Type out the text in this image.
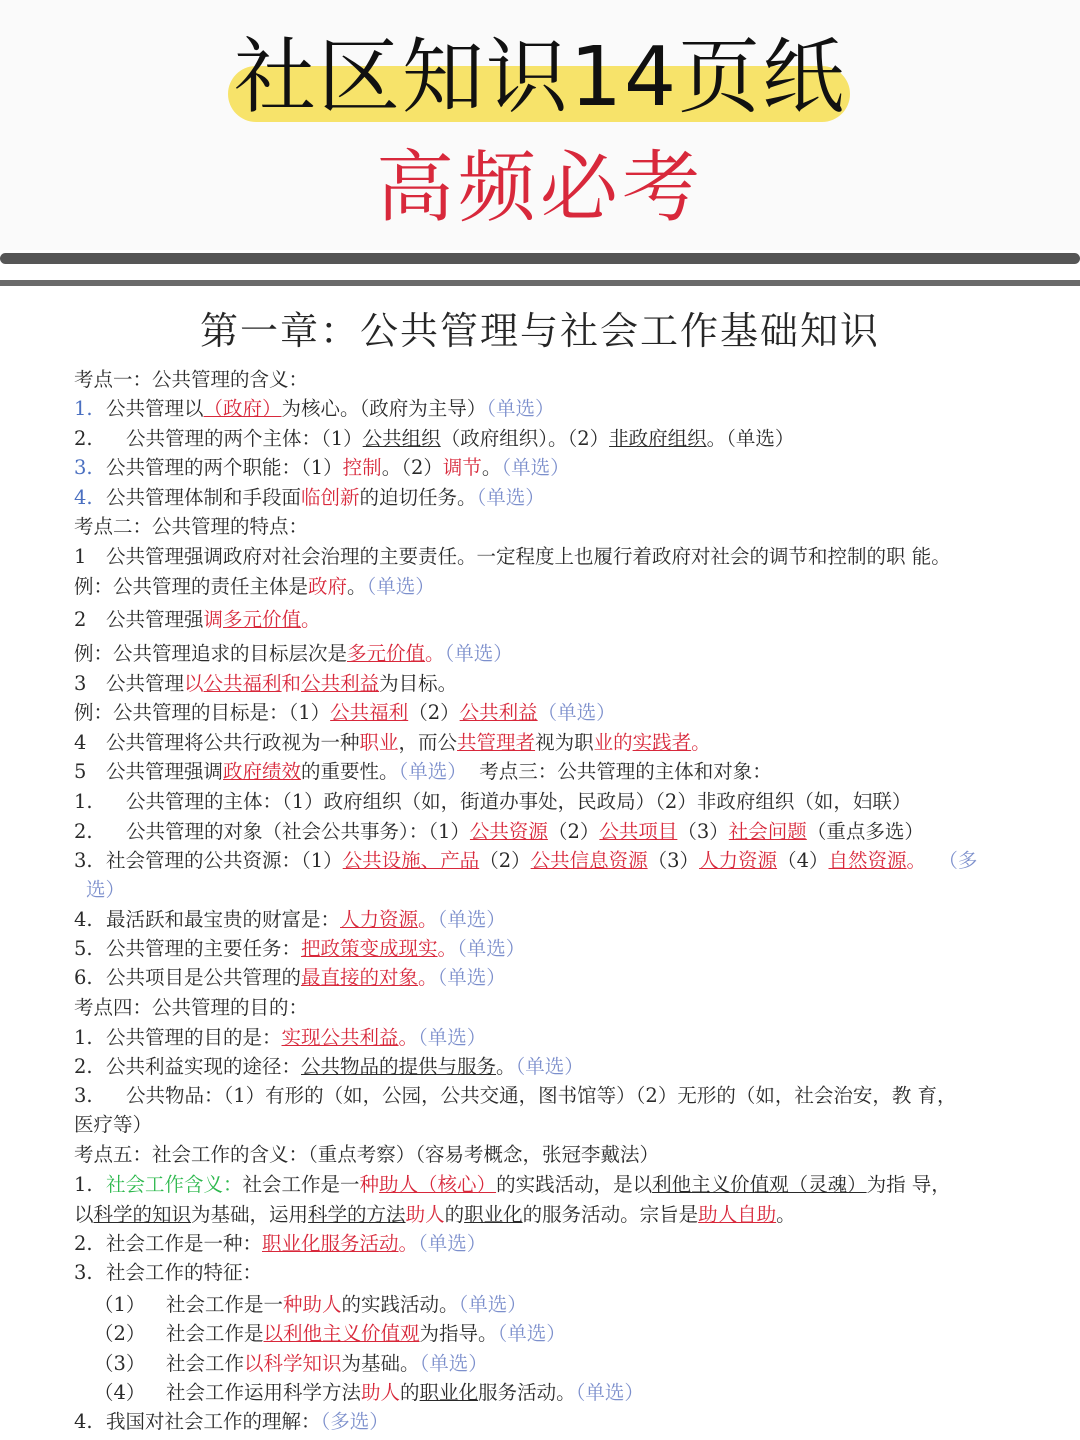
社区知识14页纸
高频必考
第一章：公共管理与社会工作基础知识
考点一：公共管理的含义：
1. 公共管理以（政府）为核心。（政府为主导）（单选）
2. 公共管理的两个主体：（1）公共组织（政府组织）。（2）非政府组织。（单选）
3. 公共管理的两个职能：（1）控制。（2）调节。（单选）
4. 公共管理体制和手段面临创新的迫切任务。（单选）
考点二：公共管理的特点：
1 公共管理强调政府对社会治理的主要责任。一定程度上也履行着政府对社会的调节和控制的职 能。
例：公共管理的责任主体是政府。（单选）
2 公共管理强调多元价值。
例：公共管理追求的目标层次是多元价值。（单选）
3 公共管理以公共福利和公共利益为目标。
例：公共管理的目标是：（1）公共福利（2）公共利益（单选）
4 公共管理将公共行政视为一种职业，而公共管理者视为职业的实践者。
5 公共管理强调政府绩效的重要性。（单选） 考点三：公共管理的主体和对象：
1. 公共管理的主体：（1）政府组织（如，街道办事处，民政局）（2）非政府组织（如，妇联）
2. 公共管理的对象（社会公共事务）：（1）公共资源（2）公共项目（3）社会问题（重点多选）
3. 社会管理的公共资源：（1）公共设施、产品（2）公共信息资源（3）人力资源（4）自然资源。 （多
选）
4. 最活跃和最宝贵的财富是：人力资源。（单选）
5. 公共管理的主要任务：把政策变成现实。（单选）
6. 公共项目是公共管理的最直接的对象。（单选）
考点四：公共管理的目的：
1. 公共管理的目的是：实现公共利益。（单选）
2. 公共利益实现的途径：公共物品的提供与服务。（单选）
3. 公共物品：（1）有形的（如，公园，公共交通，图书馆等）（2）无形的（如，社会治安，教 育，
医疗等）
考点五：社会工作的含义：（重点考察）（容易考概念，张冠李戴法）
1. 社会工作含义：社会工作是一种助人（核心）的实践活动，是以利他主义价值观（灵魂）为指 导，
以科学的知识为基础，运用科学的方法助人的职业化的服务活动。宗旨是助人自助。
2. 社会工作是一种：职业化服务活动。（单选）
3. 社会工作的特征：
（1） 社会工作是一种助人的实践活动。（单选）
（2） 社会工作是以利他主义价值观为指导。（单选）
（3） 社会工作以科学知识为基础。（单选）
（4） 社会工作运用科学方法助人的职业化服务活动。（单选）
4. 我国对社会工作的理解：（多选）
